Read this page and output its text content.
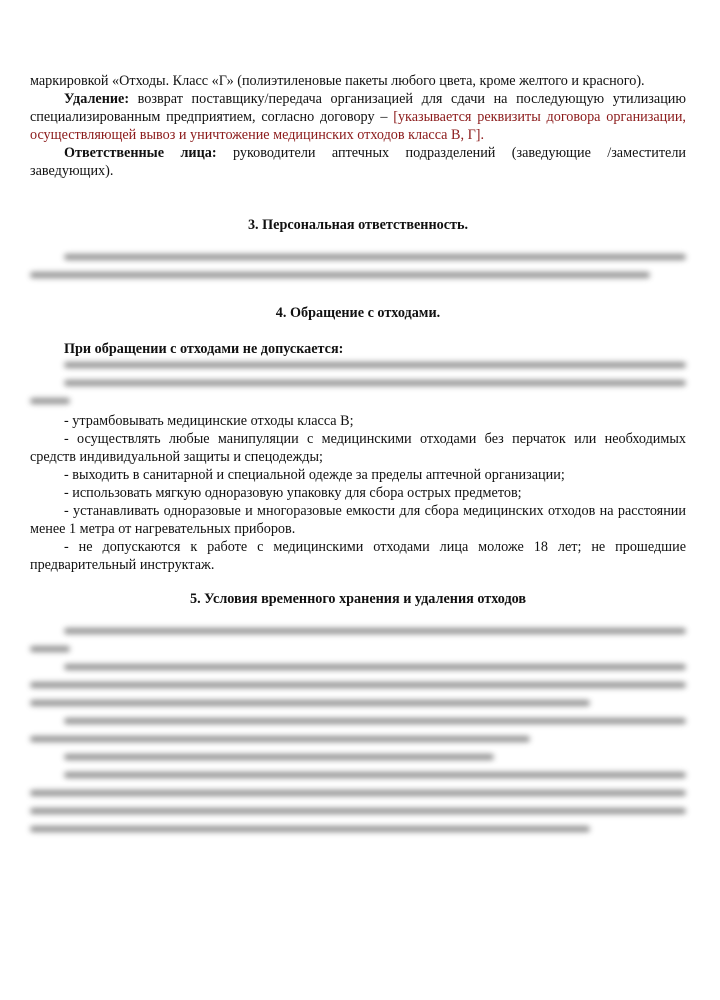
маркировкой «Отходы. Класс «Г» (полиэтиленовые пакеты любого цвета, кроме желтого и красного).

Удаление: возврат поставщику/передача организацией для сдачи на последующую утилизацию специализированным предприятием, согласно договору – [указывается реквизиты договора организации, осуществляющей вывоз и уничтожение медицинских отходов класса В, Г].

Ответственные лица: руководители аптечных подразделений (заведующие /заместители заведующих).

3. Персональная ответственность.

4. Обращение с отходами.

При обращении с отходами не допускается:

- утрамбовывать медицинские отходы класса В;

- осуществлять любые манипуляции с медицинскими отходами без перчаток или необходимых средств индивидуальной защиты и спецодежды;

- выходить в санитарной и специальной одежде за пределы аптечной организации;

- использовать мягкую одноразовую упаковку для сбора острых предметов;

- устанавливать одноразовые и многоразовые емкости для сбора медицинских отходов на расстоянии менее 1 метра от нагревательных приборов.

- не допускаются к работе с медицинскими отходами лица моложе 18 лет; не прошедшие предварительный инструктаж.

5. Условия временного хранения и удаления отходов
